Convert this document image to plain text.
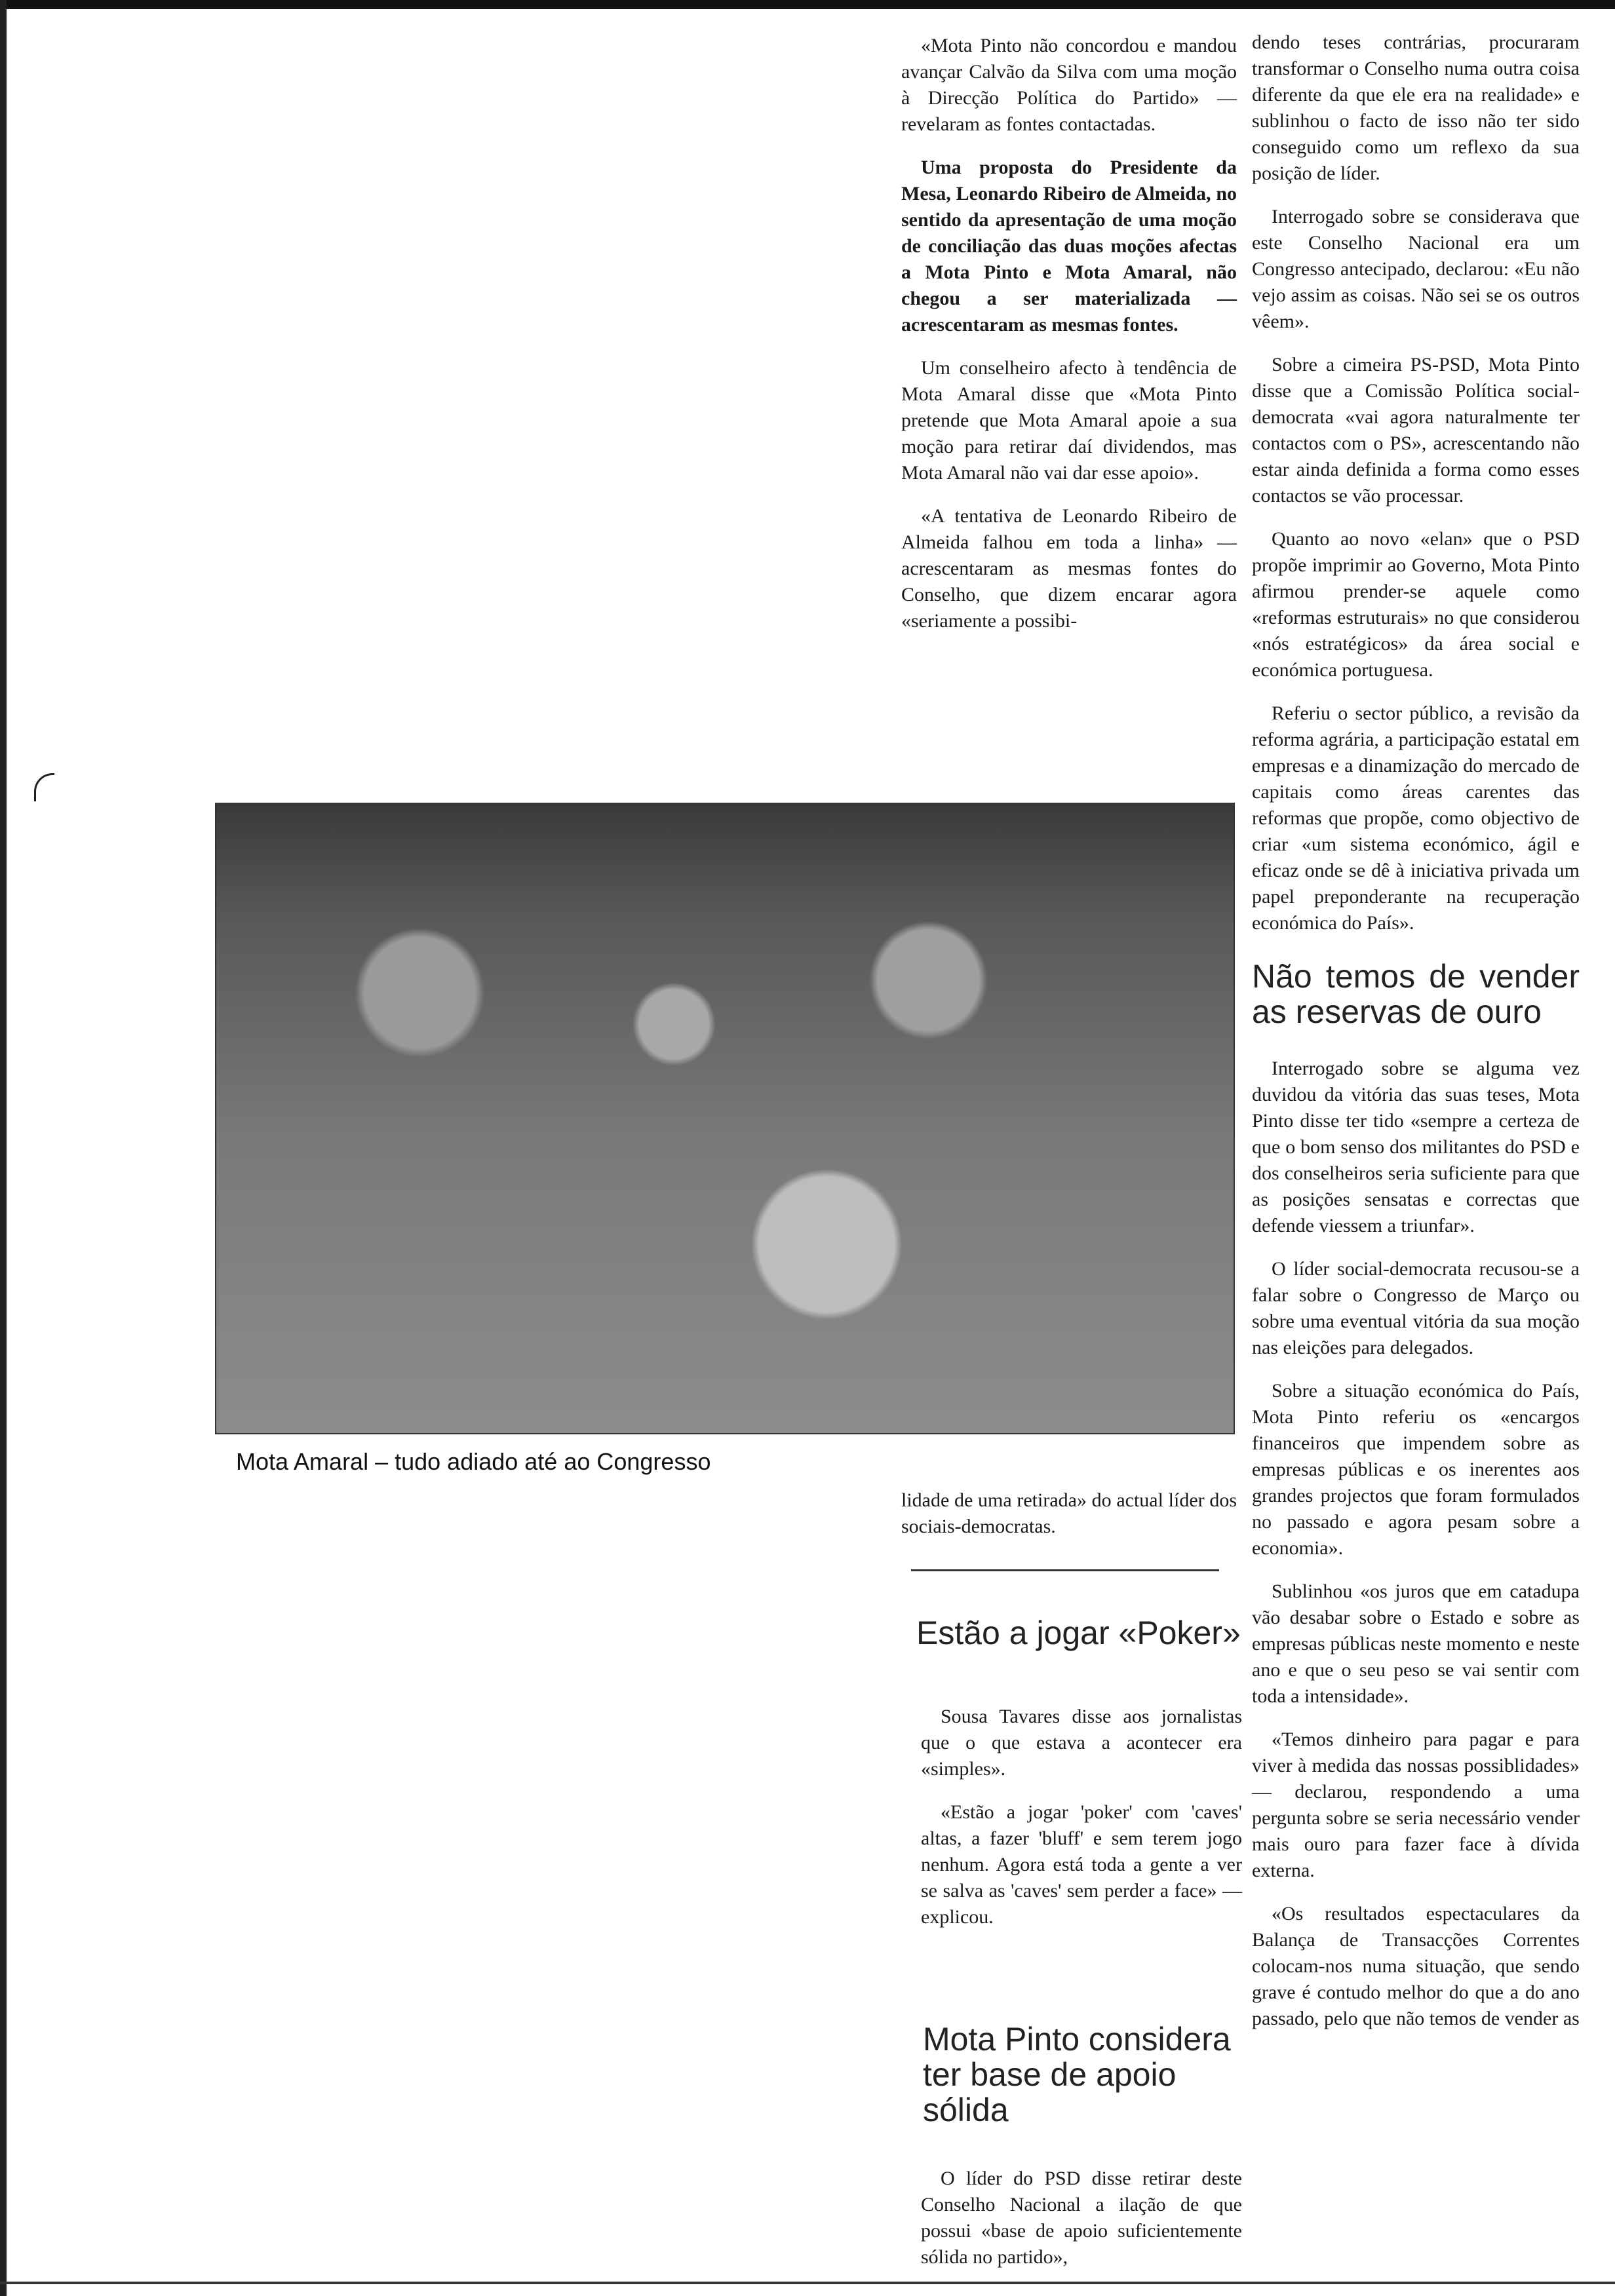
«Mota Pinto não concordou e mandou avançar Calvão da Silva com uma moção à Direcção Política do Partido» — revelaram as fontes contactadas.

Uma proposta do Presidente da Mesa, Leonardo Ribeiro de Almeida, no sentido da apresentação de uma moção de conciliação das duas moções afectas a Mota Pinto e Mota Amaral, não chegou a ser materializada — acrescentaram as mesmas fontes.

Um conselheiro afecto à tendência de Mota Amaral disse que «Mota Pinto pretende que Mota Amaral apoie a sua moção para retirar daí dividendos, mas Mota Amaral não vai dar esse apoio».

«A tentativa de Leonardo Ribeiro de Almeida falhou em toda a linha» — acrescentaram as mesmas fontes do Conselho, que dizem encarar agora «seriamente a possibi-

Mota Amaral – tudo adiado até ao Congresso

lidade de uma retirada» do actual líder dos sociais-democratas.

Estão a jogar «Poker»

Sousa Tavares disse aos jornalistas que o que estava a acontecer era «simples».

«Estão a jogar 'poker' com 'caves' altas, a fazer 'bluff' e sem terem jogo nenhum. Agora está toda a gente a ver se salva as 'caves' sem perder a face» — explicou.

Mota Pinto considera ter base de apoio sólida

O líder do PSD disse retirar deste Conselho Nacional a ilação de que possui «base de apoio suficientemente sólida no partido»,

dendo teses contrárias, procuraram transformar o Conselho numa outra coisa diferente da que ele era na realidade» e sublinhou o facto de isso não ter sido conseguido como um reflexo da sua posição de líder.

Interrogado sobre se considerava que este Conselho Nacional era um Congresso antecipado, declarou: «Eu não vejo assim as coisas. Não sei se os outros vêem».

Sobre a cimeira PS-PSD, Mota Pinto disse que a Comissão Política social-democrata «vai agora naturalmente ter contactos com o PS», acrescentando não estar ainda definida a forma como esses contactos se vão processar.

Quanto ao novo «elan» que o PSD propõe imprimir ao Governo, Mota Pinto afirmou prender-se aquele como «reformas estruturais» no que considerou «nós estratégicos» da área social e económica portuguesa.

Referiu o sector público, a revisão da reforma agrária, a participação estatal em empresas e a dinamização do mercado de capitais como áreas carentes das reformas que propõe, como objectivo de criar «um sistema económico, ágil e eficaz onde se dê à iniciativa privada um papel preponderante na recuperação económica do País».

Não temos de vender as reservas de ouro

Interrogado sobre se alguma vez duvidou da vitória das suas teses, Mota Pinto disse ter tido «sempre a certeza de que o bom senso dos militantes do PSD e dos conselheiros seria suficiente para que as posições sensatas e correctas que defende viessem a triunfar».

O líder social-democrata recusou-se a falar sobre o Congresso de Março ou sobre uma eventual vitória da sua moção nas eleições para delegados.

Sobre a situação económica do País, Mota Pinto referiu os «encargos financeiros que impendem sobre as empresas públicas e os inerentes aos grandes projectos que foram formulados no passado e agora pesam sobre a economia».

Sublinhou «os juros que em catadupa vão desabar sobre o Estado e sobre as empresas públicas neste momento e neste ano e que o seu peso se vai sentir com toda a intensidade».

«Temos dinheiro para pagar e para viver à medida das nossas possiblidades» — declarou, respondendo a uma pergunta sobre se seria necessário vender mais ouro para fazer face à dívida externa.

«Os resultados espectaculares da Balança de Transacções Correntes colocam-nos numa situação, que sendo grave é contudo melhor do que a do ano passado, pelo que não temos de vender as
